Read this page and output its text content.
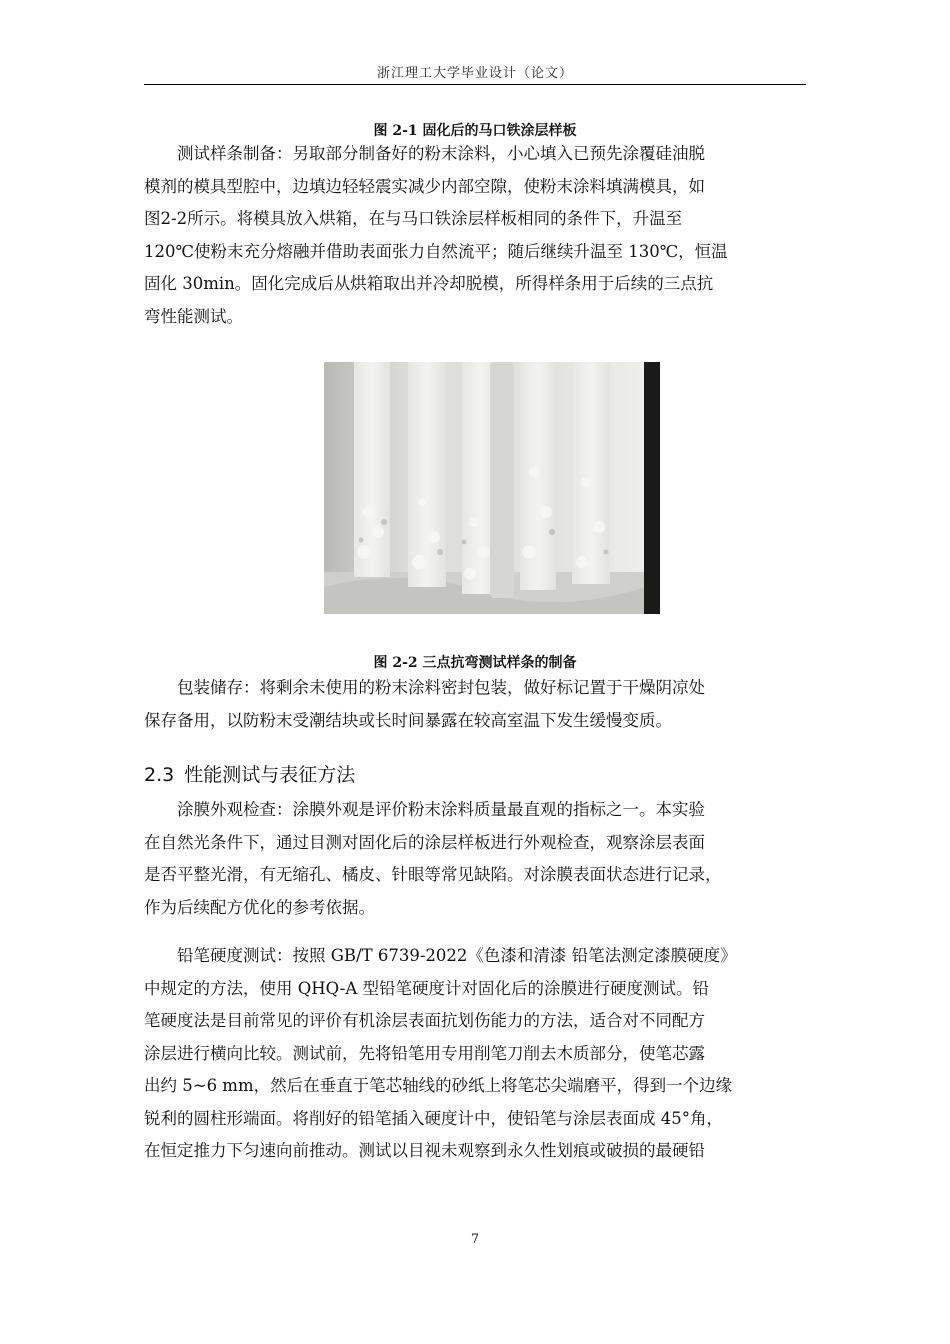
浙江理工大学毕业设计（论文）
图 2-1 固化后的马口铁涂层样板

测试样条制备：另取部分制备好的粉末涂料，小心填入已预先涂覆硅油脱

模剂的模具型腔中，边填边轻轻震实减少内部空隙，使粉末涂料填满模具，如

图2-2所示。将模具放入烘箱，在与马口铁涂层样板相同的条件下，升温至

120℃使粉末充分熔融并借助表面张力自然流平；随后继续升温至 130℃，恒温

固化 30min。固化完成后从烘箱取出并冷却脱模，所得样条用于后续的三点抗

弯性能测试。

图 2-2 三点抗弯测试样条的制备

包装储存：将剩余未使用的粉末涂料密封包装，做好标记置于干燥阴凉处

保存备用，以防粉末受潮结块或长时间暴露在较高室温下发生缓慢变质。

2.3 性能测试与表征方法

涂膜外观检查：涂膜外观是评价粉末涂料质量最直观的指标之一。本实验

在自然光条件下，通过目测对固化后的涂层样板进行外观检查，观察涂层表面

是否平整光滑，有无缩孔、橘皮、针眼等常见缺陷。对涂膜表面状态进行记录，

作为后续配方优化的参考依据。

铅笔硬度测试：按照 GB/T 6739-2022《色漆和清漆 铅笔法测定漆膜硬度》

中规定的方法，使用 QHQ-A 型铅笔硬度计对固化后的涂膜进行硬度测试。铅

笔硬度法是目前常见的评价有机涂层表面抗划伤能力的方法，适合对不同配方

涂层进行横向比较。测试前，先将铅笔用专用削笔刀削去木质部分，使笔芯露

出约 5~6 mm，然后在垂直于笔芯轴线的砂纸上将笔芯尖端磨平，得到一个边缘

锐利的圆柱形端面。将削好的铅笔插入硬度计中，使铅笔与涂层表面成 45°角，

在恒定推力下匀速向前推动。测试以目视未观察到永久性划痕或破损的最硬铅

7
